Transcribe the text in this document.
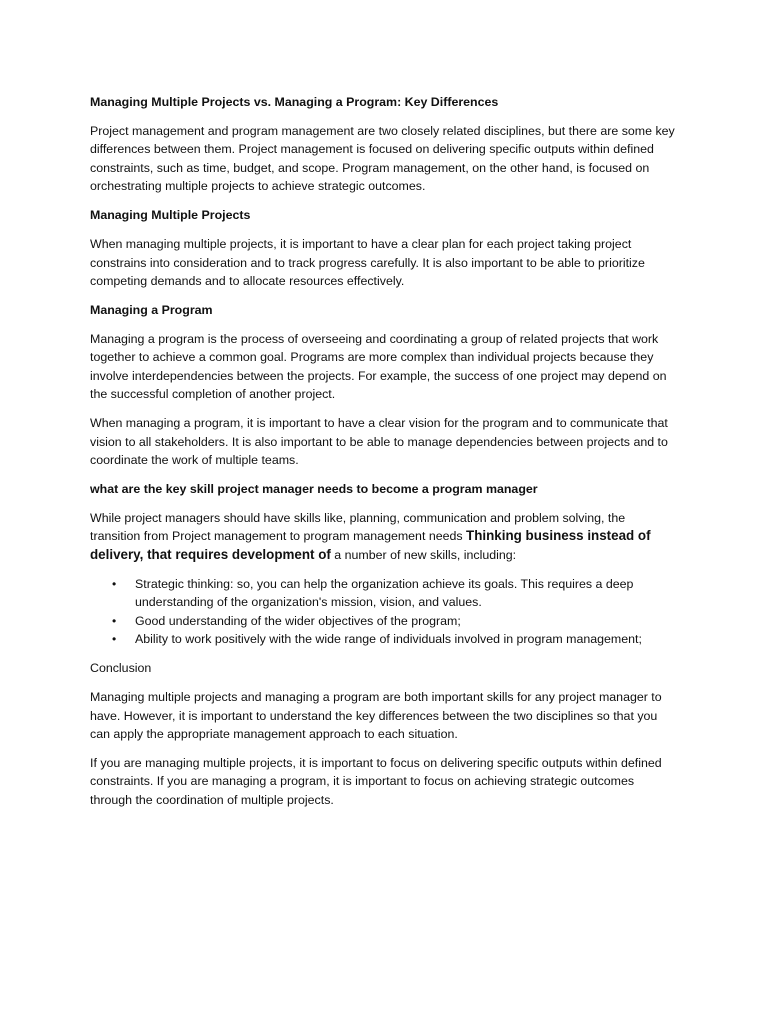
Managing Multiple Projects vs. Managing a Program: Key Differences

Project management and program management are two closely related disciplines, but there are some key differences between them. Project management is focused on delivering specific outputs within defined constraints, such as time, budget, and scope. Program management, on the other hand, is focused on orchestrating multiple projects to achieve strategic outcomes.

Managing Multiple Projects

When managing multiple projects, it is important to have a clear plan for each project taking project constrains into consideration and to track progress carefully. It is also important to be able to prioritize competing demands and to allocate resources effectively.

Managing a Program

Managing a program is the process of overseeing and coordinating a group of related projects that work together to achieve a common goal. Programs are more complex than individual projects because they involve interdependencies between the projects. For example, the success of one project may depend on the successful completion of another project.

When managing a program, it is important to have a clear vision for the program and to communicate that vision to all stakeholders. It is also important to be able to manage dependencies between projects and to coordinate the work of multiple teams.

what are the key skill project manager needs to become a program manager

While project managers should have skills like, planning, communication and problem solving, the transition from Project management to program management needs Thinking business instead of delivery, that requires development of a number of new skills, including:

• Strategic thinking: so, you can help the organization achieve its goals. This requires a deep understanding of the organization's mission, vision, and values.
• Good understanding of the wider objectives of the program;
• Ability to work positively with the wide range of individuals involved in program management;

Conclusion

Managing multiple projects and managing a program are both important skills for any project manager to have. However, it is important to understand the key differences between the two disciplines so that you can apply the appropriate management approach to each situation.

If you are managing multiple projects, it is important to focus on delivering specific outputs within defined constraints. If you are managing a program, it is important to focus on achieving strategic outcomes through the coordination of multiple projects.
